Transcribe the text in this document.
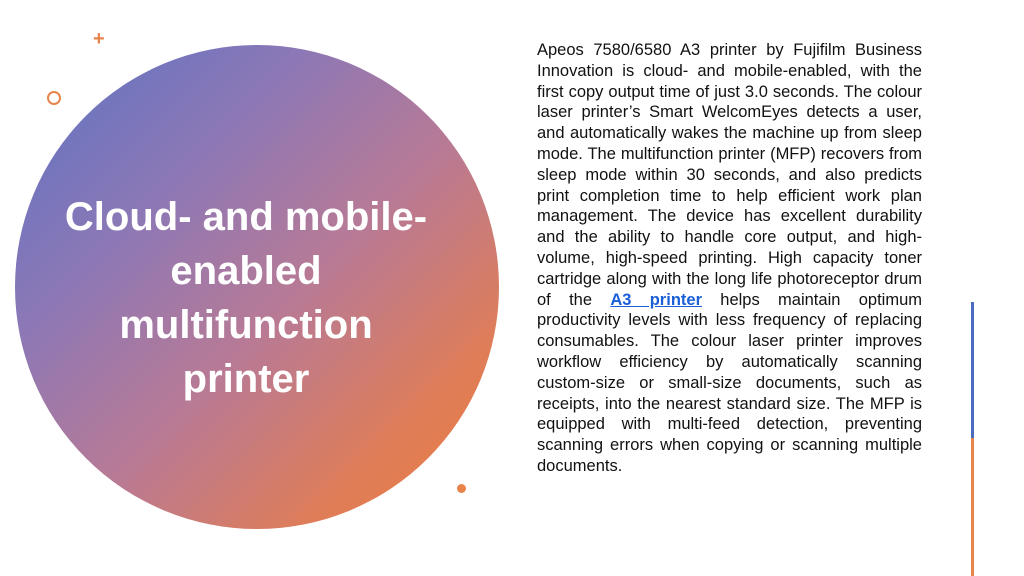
+
Cloud- and mobile-enabled multifunction printer
Apeos 7580/6580 A3 printer by Fujifilm Business Innovation is cloud- and mobile-enabled, with the first copy output time of just 3.0 seconds. The colour laser printer’s Smart WelcomEyes detects a user, and automatically wakes the machine up from sleep mode. The multifunction printer (MFP) recovers from sleep mode within 30 seconds, and also predicts print completion time to help efficient work plan management. The device has excellent durability and the ability to handle core output, and high-volume, high-speed printing. High capacity toner cartridge along with the long life photoreceptor drum of the A3 printer helps maintain optimum productivity levels with less frequency of replacing consumables. The colour laser printer improves workflow efficiency by automatically scanning custom-size or small-size documents, such as receipts, into the nearest standard size. The MFP is equipped with multi-feed detection, preventing scanning errors when copying or scanning multiple documents.
